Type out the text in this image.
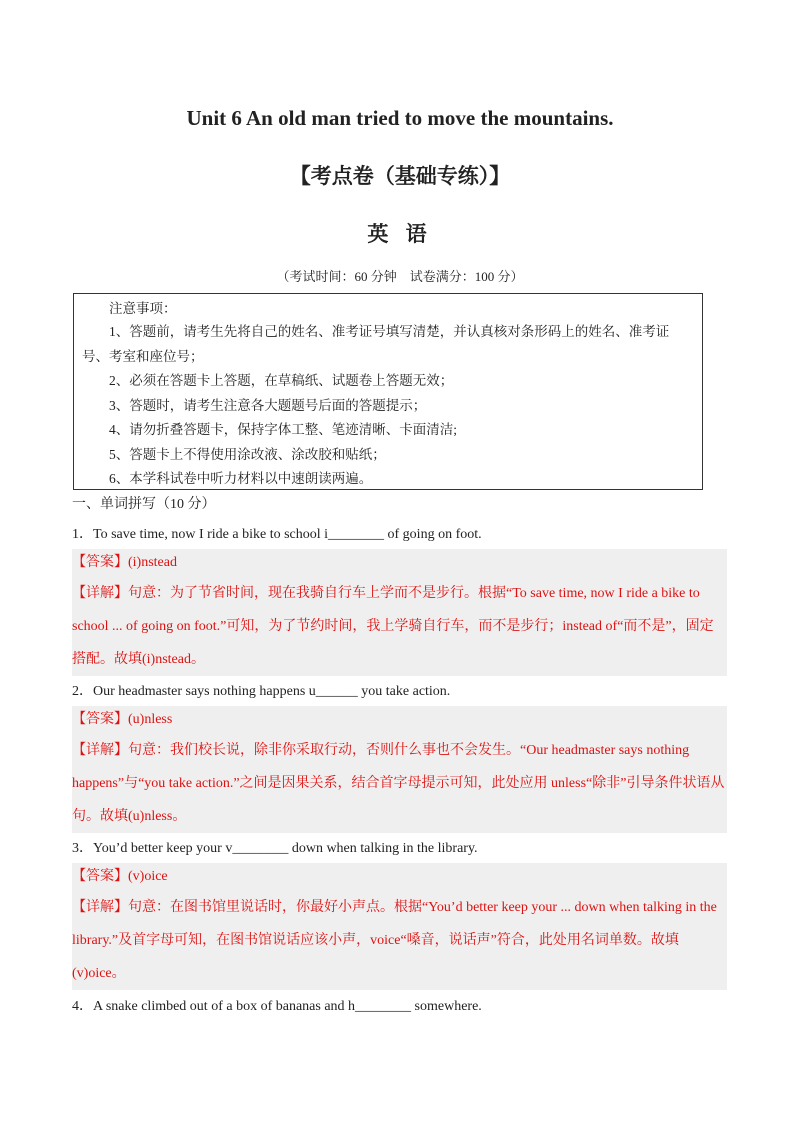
Unit 6 An old man tried to move the mountains.
【考点卷（基础专练）】
英 语
（考试时间：60 分钟　试卷满分：100 分）

注意事项：

1、答题前，请考生先将自己的姓名、准考证号填写清楚，并认真核对条形码上的姓名、准考证号、考室和座位号；

2、必须在答题卡上答题，在草稿纸、试题卷上答题无效；

3、答题时，请考生注意各大题题号后面的答题提示；

4、请勿折叠答题卡，保持字体工整、笔迹清晰、卡面清洁;

5、答题卡上不得使用涂改液、涂改胶和贴纸；

6、本学科试卷中听力材料以中速朗读两遍。

一、单词拼写（10 分）
1．To save time, now I ride a bike to school i________ of going on foot.

【答案】(i)nstead

【详解】句意：为了节省时间，现在我骑自行车上学而不是步行。根据“To save time, now I ride a bike to school ... of going on foot.”可知，为了节约时间，我上学骑自行车，而不是步行；instead of“而不是”，固定搭配。故填(i)nstead。

2．Our headmaster says nothing happens u______ you take action.

【答案】(u)nless

【详解】句意：我们校长说，除非你采取行动，否则什么事也不会发生。“Our headmaster says nothing happens”与“you take action.”之间是因果关系，结合首字母提示可知，此处应用 unless“除非”引导条件状语从句。故填(u)nless。

3．You’d better keep your v________ down when talking in the library.

【答案】(v)oice

【详解】句意：在图书馆里说话时，你最好小声点。根据“You’d better keep your ... down when talking in the library.”及首字母可知，在图书馆说话应该小声，voice“嗓音，说话声”符合，此处用名词单数。故填(v)oice。

4．A snake climbed out of a box of bananas and h________ somewhere.
